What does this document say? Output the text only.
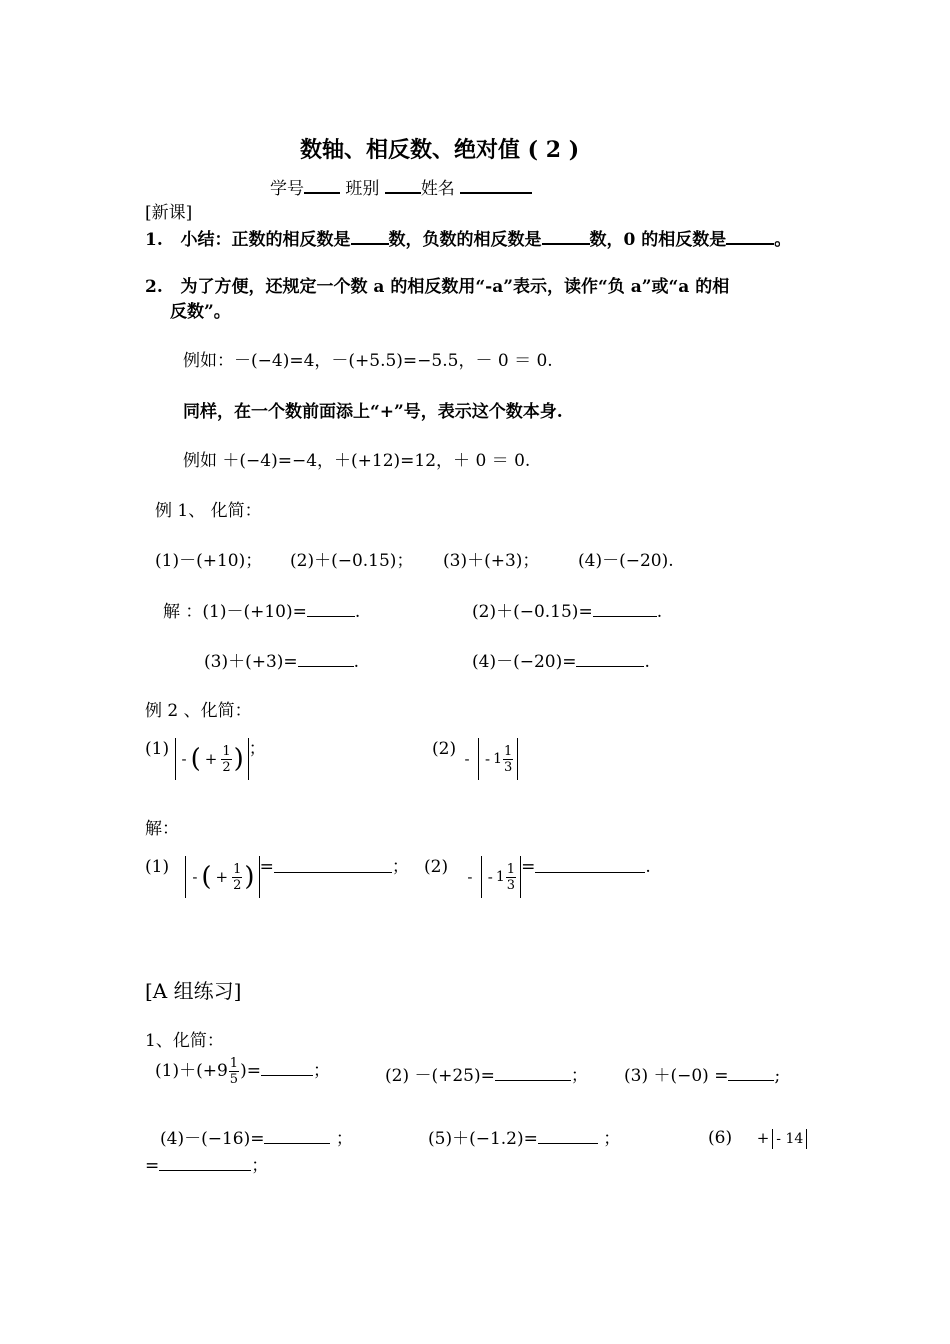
数轴、相反数、绝对值 ( 2 )
学号 班别 姓名
[新课]
1. 小结：正数的相反数是 数，负数的相反数是	数，0 的相反数是	。
2. 为了方便，还规定一个数 a 的相反数用“-a”表示，读作“负 a”或“a 的相
反数”。
例如：－(−4)=4，－(+5.5)=−5.5，－ 0 ＝ 0.
同样，在一个数前面添上“+”号，表示这个数本身.
例如 ＋(−4)=−4，＋(+12)=12，＋ 0 ＝ 0.
例 1、 化简：
(1)－(+10)； (2)＋(−0.15)； (3)＋(+3)； (4)－(−20).
解 ：(1)－(+10)=	.	(2)＋(−0.15)=	.
(3)＋(+3)=	.	(4)－(−20)=	.
例 2 、化简：
(1) - ( + $\frac{1}{2}$ ) ；	(2) - - $1 \frac{1}{3}$
解：
(1) - ( + $\frac{1}{2}$ ) =	； (2) - - $1 \frac{1}{3}$ =	.
[A 组练习]
1、化简：
$(1)+(+9 \frac{1}{5}$ )=	；	(2) －(+25)=	； (3) ＋(−0) =	;
(4)－(−16)=	；	(5)＋(−1.2)=	；	(6) + - 14
=	；
